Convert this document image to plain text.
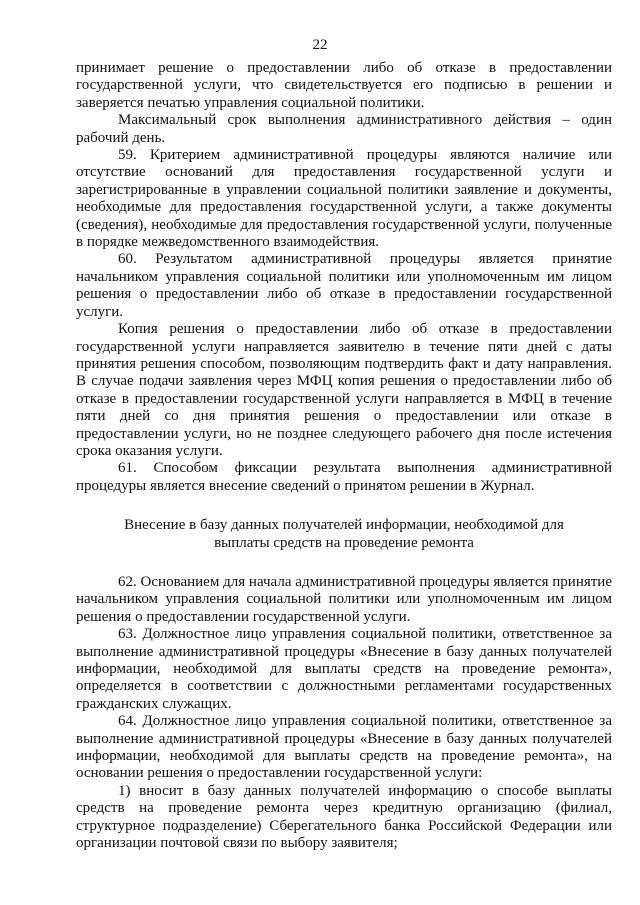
22

принимает решение о предоставлении либо об отказе в предоставлении государственной услуги, что свидетельствуется его подписью в решении и заверяется печатью управления социальной политики.

Максимальный срок выполнения административного действия – один рабочий день.

59. Критерием административной процедуры являются наличие или отсутствие оснований для предоставления государственной услуги и зарегистрированные в управлении социальной политики заявление и документы, необходимые для предоставления государственной услуги, а также документы (сведения), необходимые для предоставления государственной услуги, полученные в порядке межведомственного взаимодействия.

60. Результатом административной процедуры является принятие начальником управления социальной политики или уполномоченным им лицом решения о предоставлении либо об отказе в предоставлении государственной услуги.

Копия решения о предоставлении либо об отказе в предоставлении государственной услуги направляется заявителю в течение пяти дней с даты принятия решения способом, позволяющим подтвердить факт и дату направления. В случае подачи заявления через МФЦ копия решения о предоставлении либо об отказе в предоставлении государственной услуги направляется в МФЦ в течение пяти дней со дня принятия решения о предоставлении или отказе в предоставлении услуги, но не позднее следующего рабочего дня после истечения срока оказания услуги.

61. Способом фиксации результата выполнения административной процедуры является внесение сведений о принятом решении в Журнал.

Внесение в базу данных получателей информации, необходимой для выплаты средств на проведение ремонта

62. Основанием для начала административной процедуры является принятие начальником управления социальной политики или уполномоченным им лицом решения о предоставлении государственной услуги.

63. Должностное лицо управления социальной политики, ответственное за выполнение административной процедуры «Внесение в базу данных получателей информации, необходимой для выплаты средств на проведение ремонта», определяется в соответствии с должностными регламентами государственных гражданских служащих.

64. Должностное лицо управления социальной политики, ответственное за выполнение административной процедуры «Внесение в базу данных получателей информации, необходимой для выплаты средств на проведение ремонта», на основании решения о предоставлении государственной услуги:

1) вносит в базу данных получателей информацию о способе выплаты средств на проведение ремонта через кредитную организацию (филиал, структурное подразделение) Сберегательного банка Российской Федерации или организации почтовой связи по выбору заявителя;
